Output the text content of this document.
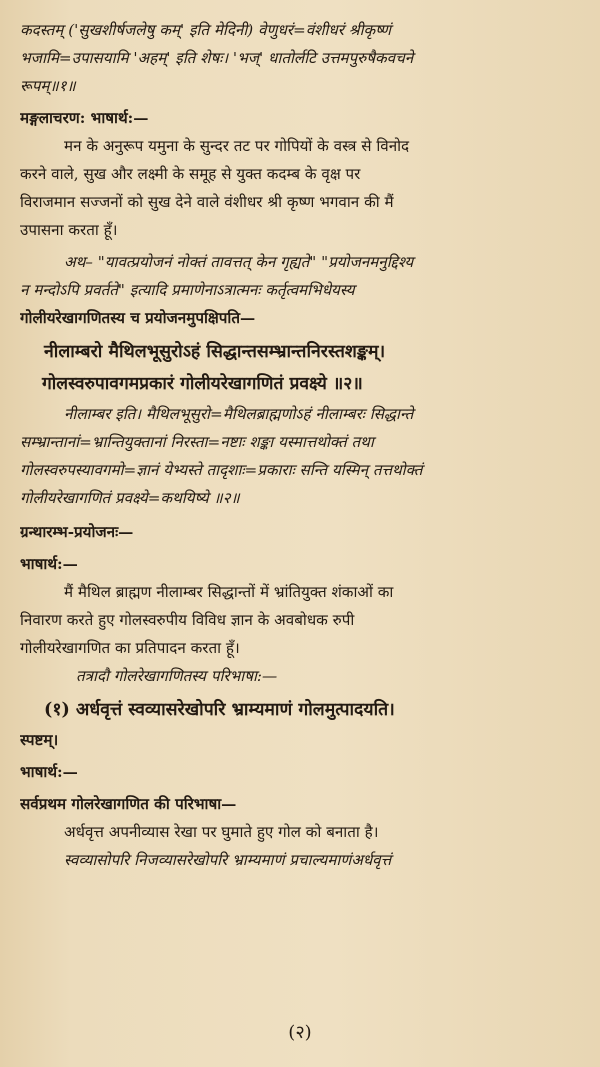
कदस्तम् ('सुखशीर्षजलेषु कम्' इति मेदिनी) वेणुधरं=वंशीधरं श्रीकृष्णं
भजामि=उपासयामि 'अहम्' इति शेषः। 'भज्' धातोर्लटि उत्तमपुरुषैकवचने
रूपम्॥१॥
मङ्गलाचरण: भाषार्थ:—
मन के अनुरूप यमुना के सुन्दर तट पर गोपियों के वस्त्र से विनोद
करने वाले, सुख और लक्ष्मी के समूह से युक्त कदम्ब के वृक्ष पर
विराजमान सज्जनों को सुख देने वाले वंशीधर श्री कृष्ण भगवान की मैं
उपासना करता हूँ।
अथ– "यावत्प्रयोजनं नोक्तं तावत्तत् केन गृह्यते" "प्रयोजनमनुद्दिश्य
न मन्दोऽपि प्रवर्तते" इत्यादि प्रमाणेनाऽत्रात्मनः कर्तृत्वमभिधेयस्य
गोलीयरेखागणितस्य च प्रयोजनमुपक्षिपति—
नीलाम्बरो मैथिलभूसुरोऽहं सिद्धान्तसम्भ्रान्तनिरस्तशङ्कम्।
गोलस्वरुपावगमप्रकारं गोलीयरेखागणितं प्रवक्ष्ये ॥२॥
नीलाम्बर इति। मैथिलभूसुरो=मैथिलब्राह्मणोऽहं नीलाम्बरः सिद्धान्ते
सम्भ्रान्तानां=भ्रान्तियुक्तानां निरस्ता=नष्टाः शङ्का यस्मात्तथोक्तं तथा
गोलस्वरुपस्यावगमो=ज्ञानं येभ्यस्ते तादृशाः=प्रकाराः सन्ति यस्मिन् तत्तथोक्तं
गोलीयरेखागणितं प्रवक्ष्ये=कथयिष्ये ॥२॥
ग्रन्थारम्भ-प्रयोजनः—
भाषार्थ:—
मैं मैथिल ब्राह्मण नीलाम्बर सिद्धान्तों में भ्रांतियुक्त शंकाओं का
निवारण करते हुए गोलस्वरुपीय विविध ज्ञान के अवबोधक रुपी
गोलीयरेखागणित का प्रतिपादन करता हूँ।
तत्रादौ गोलरेखागणितस्य परिभाषा:—
(१) अर्धवृत्तं स्वव्यासरेखोपरि भ्राम्यमाणं गोलमुत्पादयति।
स्पष्टम्।
भाषार्थ:—
सर्वप्रथम गोलरेखागणित की परिभाषा—
अर्धवृत्त अपनीव्यास रेखा पर घुमाते हुए गोल को बनाता है।
स्वव्यासोपरि निजव्यासरेखोपरि भ्राम्यमाणं प्रचाल्यमाणंअर्धवृत्तं
(२)
